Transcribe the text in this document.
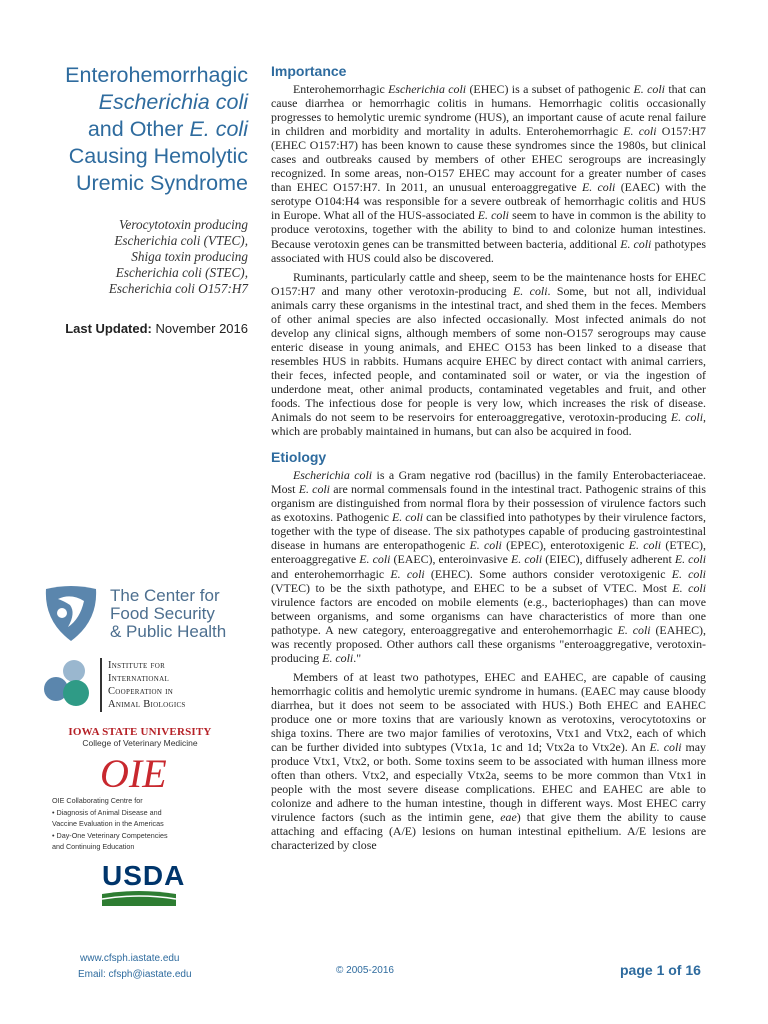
Enterohemorrhagic
Escherichia coli
and Other E. coli
Causing Hemolytic
Uremic Syndrome
Verocytotoxin producing
Escherichia coli (VTEC),
Shiga toxin producing
Escherichia coli (STEC),
Escherichia coli O157:H7
Last Updated: November 2016
The Center for
Food Security
& Public Health
Institute for
International
Cooperation in
Animal Biologics
IOWA STATE UNIVERSITY
College of Veterinary Medicine
OIE
OIE Collaborating Centre for
• Diagnosis of Animal Disease and
Vaccine Evaluation in the Americas
• Day-One Veterinary Competencies
and Continuing Education
USDA
www.cfsph.iastate.edu
Email: cfsph@iastate.edu	© 2005-2016	page 1 of 16
Importance

Enterohemorrhagic Escherichia coli (EHEC) is a subset of pathogenic E. coli that can cause diarrhea or hemorrhagic colitis in humans. Hemorrhagic colitis occasionally progresses to hemolytic uremic syndrome (HUS), an important cause of acute renal failure in children and morbidity and mortality in adults. Enterohemorrhagic E. coli O157:H7 (EHEC O157:H7) has been known to cause these syndromes since the 1980s, but clinical cases and outbreaks caused by members of other EHEC serogroups are increasingly recognized. In some areas, non-O157 EHEC may account for a greater number of cases than EHEC O157:H7. In 2011, an unusual enteroaggregative E. coli (EAEC) with the serotype O104:H4 was responsible for a severe outbreak of hemorrhagic colitis and HUS in Europe. What all of the HUS-associated E. coli seem to have in common is the ability to produce verotoxins, together with the ability to bind to and colonize human intestines. Because verotoxin genes can be transmitted between bacteria, additional E. coli pathotypes associated with HUS could also be discovered.

Ruminants, particularly cattle and sheep, seem to be the maintenance hosts for EHEC O157:H7 and many other verotoxin-producing E. coli. Some, but not all, individual animals carry these organisms in the intestinal tract, and shed them in the feces. Members of other animal species are also infected occasionally. Most infected animals do not develop any clinical signs, although members of some non-O157 serogroups may cause enteric disease in young animals, and EHEC O153 has been linked to a disease that resembles HUS in rabbits. Humans acquire EHEC by direct contact with animal carriers, their feces, infected people, and contaminated soil or water, or via the ingestion of underdone meat, other animal products, contaminated vegetables and fruit, and other foods. The infectious dose for people is very low, which increases the risk of disease. Animals do not seem to be reservoirs for enteroaggregative, verotoxin-producing E. coli, which are probably maintained in humans, but can also be acquired in food.

Etiology

Escherichia coli is a Gram negative rod (bacillus) in the family Enterobacteriaceae. Most E. coli are normal commensals found in the intestinal tract. Pathogenic strains of this organism are distinguished from normal flora by their possession of virulence factors such as exotoxins. Pathogenic E. coli can be classified into pathotypes by their virulence factors, together with the type of disease. The six pathotypes capable of producing gastrointestinal disease in humans are enteropathogenic E. coli (EPEC), enterotoxigenic E. coli (ETEC), enteroaggregative E. coli (EAEC), enteroinvasive E. coli (EIEC), diffusely adherent E. coli and enterohemorrhagic E. coli (EHEC). Some authors consider verotoxigenic E. coli (VTEC) to be the sixth pathotype, and EHEC to be a subset of VTEC. Most E. coli virulence factors are encoded on mobile elements (e.g., bacteriophages) than can move between organisms, and some organisms can have characteristics of more than one pathotype. A new category, enteroaggregative and enterohemorrhagic E. coli (EAHEC), was recently proposed. Other authors call these organisms "enteroaggregative, verotoxin-producing E. coli."

Members of at least two pathotypes, EHEC and EAHEC, are capable of causing hemorrhagic colitis and hemolytic uremic syndrome in humans. (EAEC may cause bloody diarrhea, but it does not seem to be associated with HUS.) Both EHEC and EAHEC produce one or more toxins that are variously known as verotoxins, verocytotoxins or shiga toxins. There are two major families of verotoxins, Vtx1 and Vtx2, each of which can be further divided into subtypes (Vtx1a, 1c and 1d; Vtx2a to Vtx2e). An E. coli may produce Vtx1, Vtx2, or both. Some toxins seem to be associated with human illness more often than others. Vtx2, and especially Vtx2a, seems to be more common than Vtx1 in people with the most severe disease complications. EHEC and EAHEC are able to colonize and adhere to the human intestine, though in different ways. Most EHEC carry virulence factors (such as the intimin gene, eae) that give them the ability to cause attaching and effacing (A/E) lesions on human intestinal epithelium. A/E lesions are characterized by close
